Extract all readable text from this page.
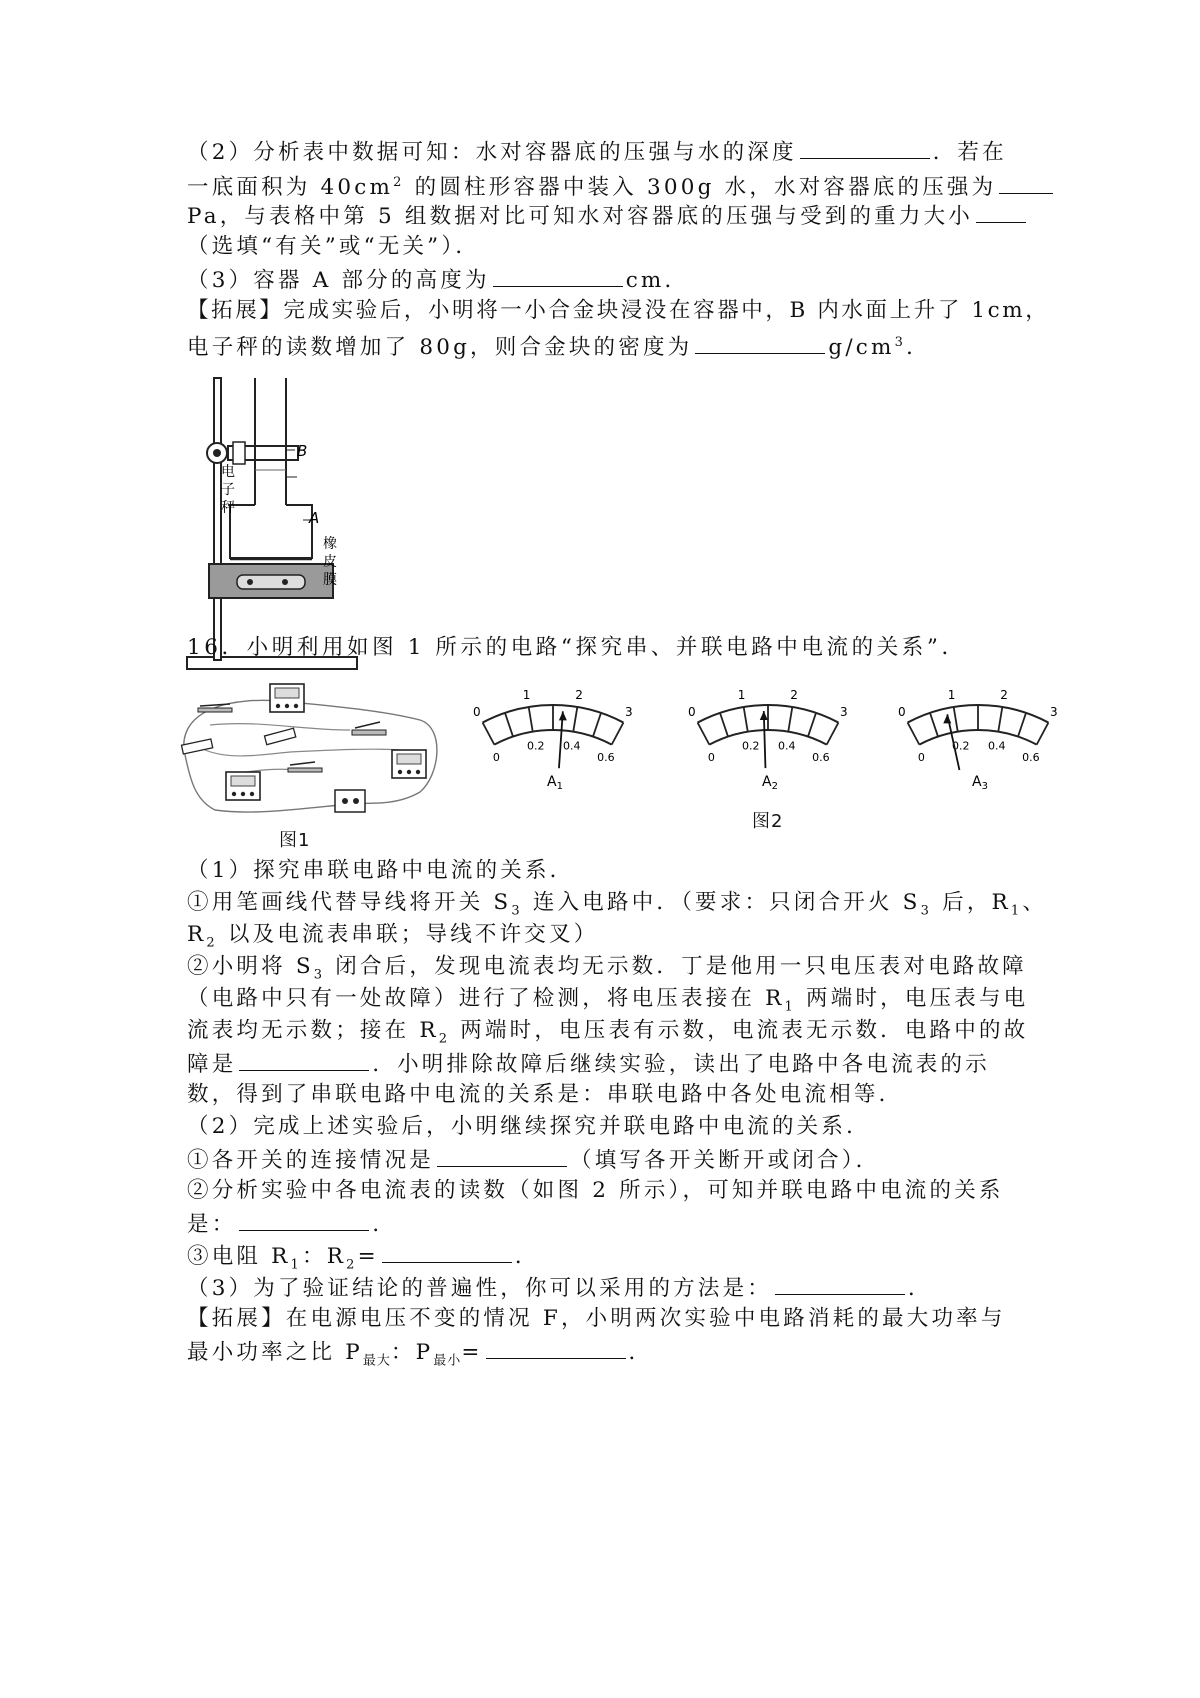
（2）分析表中数据可知：水对容器底的压强与水的深度	．若在
一底面积为 $40cm^2$ 的圆柱形容器中装入 300g 水，水对容器底的压强为
Pa，与表格中第 5 组数据对比可知水对容器底的压强与受到的重力大小
（选填“有关”或“无关”）．
（3）容器 A 部分的高度为	cm．
【拓展】完成实验后，小明将一小合金块浸没在容器中，B 内水面上升了 1cm，
电子秤的读数增加了 80g，则合金块的密度为	$g/cm^3$．
B
A
电
子
秤
橡
皮
膜
16．小明利用如图 1 所示的电路“探究串、并联电路中电流的关系”．
图1
0
1	2
3
0
0.2 0.4
0.6
$A_1$
0
1	2
3
0
0.2 0.4
0.6
$A_2$
0
1	2
3
0
0.2 0.4
0.6
$A_3$
图2
（1）探究串联电路中电流的关系．
①用笔画线代替导线将开关 $S_3$ 连入电路中．（要求：只闭合开火 $S_3$ 后，$R_1$、
$R_2$ 以及电流表串联；导线不许交叉）
②小明将 $S_3$ 闭合后，发现电流表均无示数．丁是他用一只电压表对电路故障
（电路中只有一处故障）进行了检测，将电压表接在 $R_1$ 两端时，电压表与电
流表均无示数；接在 $R_2$ 两端时，电压表有示数，电流表无示数．电路中的故
障是	．小明排除故障后继续实验，读出了电路中各电流表的示
数，得到了串联电路中电流的关系是：串联电路中各处电流相等．
（2）完成上述实验后，小明继续探究并联电路中电流的关系．
①各开关的连接情况是	（填写各开关断开或闭合）．
②分析实验中各电流表的读数（如图 2 所示），可知并联电路中电流的关系
是：	．
③电阻 $R_1$：$R_2=$	．
（3）为了验证结论的普遍性，你可以采用的方法是：	．
【拓展】在电源电压不变的情况 F，小明两次实验中电路消耗的最大功率与
最小功率之比 $P_{最大}$：$P_{最小}=$	．
